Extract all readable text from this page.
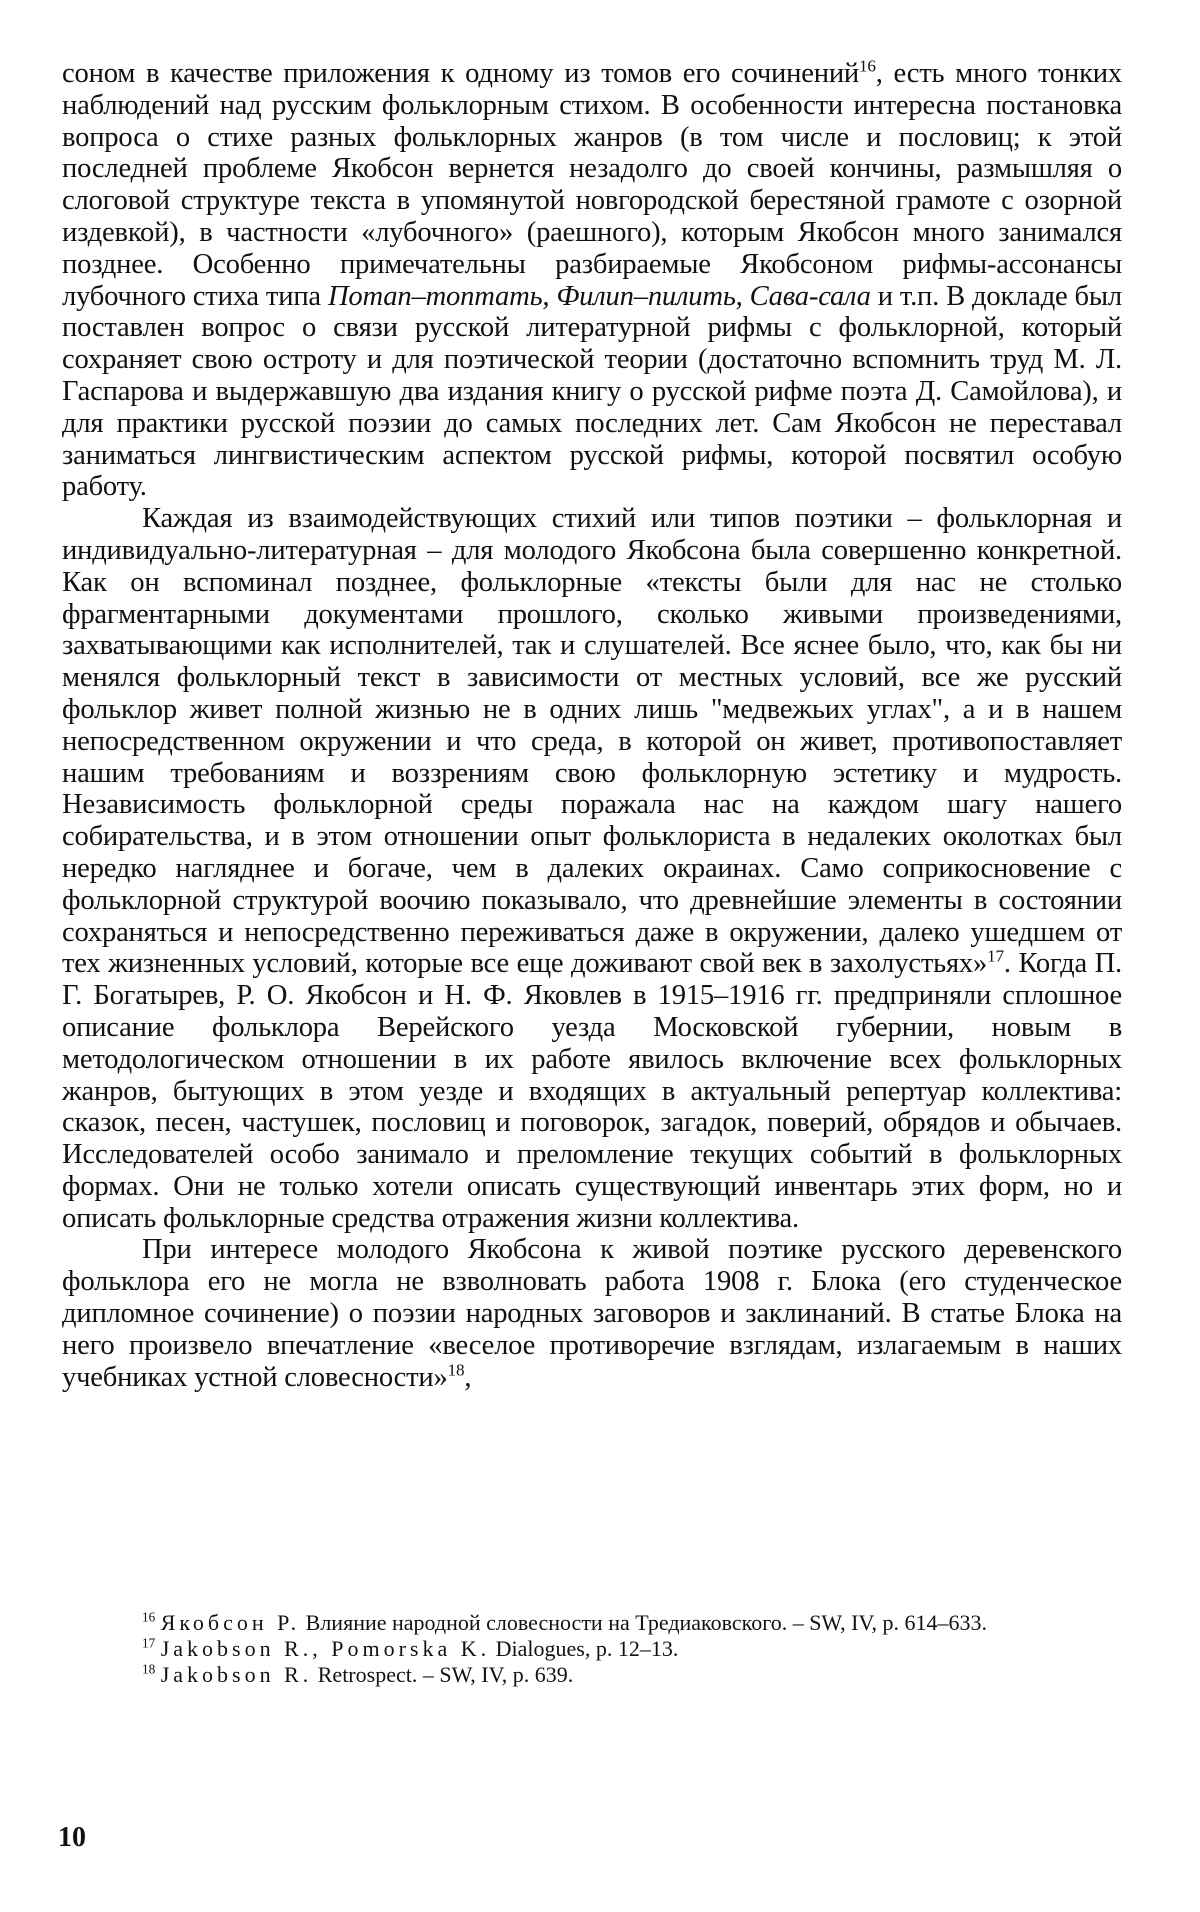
соном в качестве приложения к одному из томов его сочинений$^{16}$, есть много тонких наблюдений над русским фольклорным стихом. В особенности интересна постановка вопроса о стихе разных фольклорных жанров (в том числе и пословиц; к этой последней проблеме Якобсон вернется незадолго до своей кончины, размышляя о слоговой структуре текста в упомянутой новгородской берестяной грамоте с озорной издевкой), в частности «лубочного» (раешного), которым Якобсон много занимался позднее. Особенно примечательны разбираемые Якобсоном рифмы-ассонансы лубочного стиха типа Потап–топтать, Филип–пилить, Сава-сала и т.п. В докладе был поставлен вопрос о связи русской литературной рифмы с фольклорной, который сохраняет свою остроту и для поэтической теории (достаточно вспомнить труд М. Л. Гаспарова и выдержавшую два издания книгу о русской рифме поэта Д. Самойлова), и для практики русской поэзии до самых последних лет. Сам Якобсон не переставал заниматься лингвистическим аспектом русской рифмы, которой посвятил особую работу.

Каждая из взаимодействующих стихий или типов поэтики – фольклорная и индивидуально-литературная – для молодого Якобсона была совершенно конкретной. Как он вспоминал позднее, фольклорные «тексты были для нас не столько фрагментарными документами прошлого, сколько живыми произведениями, захватывающими как исполнителей, так и слушателей. Все яснее было, что, как бы ни менялся фольклорный текст в зависимости от местных условий, все же русский фольклор живет полной жизнью не в одних лишь "медвежьих углах", а и в нашем непосредственном окружении и что среда, в которой он живет, противопоставляет нашим требованиям и воззрениям свою фольклорную эстетику и мудрость. Независимость фольклорной среды поражала нас на каждом шагу нашего собирательства, и в этом отношении опыт фольклориста в недалеких околотках был нередко нагляднее и богаче, чем в далеких окраинах. Само соприкосновение с фольклорной структурой воочию показывало, что древнейшие элементы в состоянии сохраняться и непосредственно переживаться даже в окружении, далеко ушедшем от тех жизненных условий, которые все еще доживают свой век в захолустьях»$^{17}$. Когда П. Г. Богатырев, Р. О. Якобсон и Н. Ф. Яковлев в 1915–1916 гг. предприняли сплошное описание фольклора Верейского уезда Московской губернии, новым в методологическом отношении в их работе явилось включение всех фольклорных жанров, бытующих в этом уезде и входящих в актуальный репертуар коллектива: сказок, песен, частушек, пословиц и поговорок, загадок, поверий, обрядов и обычаев. Исследователей особо занимало и преломление текущих событий в фольклорных формах. Они не только хотели описать существующий инвентарь этих форм, но и описать фольклорные средства отражения жизни коллектива.

При интересе молодого Якобсона к живой поэтике русского деревенского фольклора его не могла не взволновать работа 1908 г. Блока (его студенческое дипломное сочинение) о поэзии народных заговоров и заклинаний. В статье Блока на него произвело впечатление «веселое противоречие взглядам, излагаемым в наших учебниках устной словесности»$^{18}$,

$^{16}$ Якобсон Р. Влияние народной словесности на Тредиаковского. – SW, IV, p. 614–633.

$^{17}$ Jakobson R., Pomorska K. Dialogues, p. 12–13.

$^{18}$ Jakobson R. Retrospect. – SW, IV, p. 639.

10
